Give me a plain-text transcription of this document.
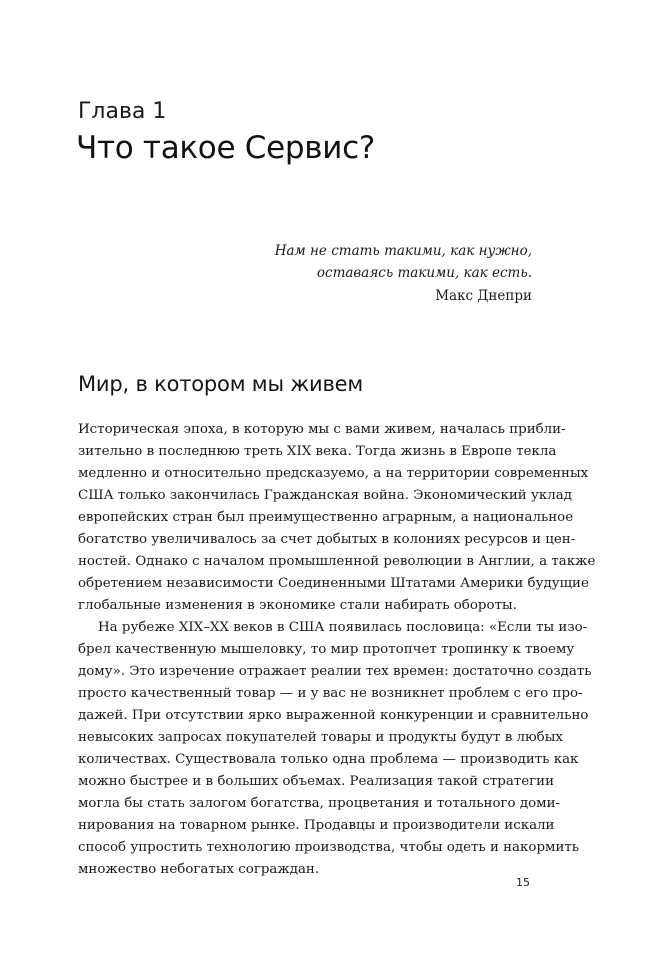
Глава 1
Что такое Сервис?
Нам не стать такими, как нужно,
оставаясь такими, как есть.
Макс Днепри
Мир, в котором мы живем
Историческая эпоха, в которую мы с вами живем, началась прибли-
зительно в последнюю треть XIX века. Тогда жизнь в Европе текла
медленно и относительно предсказуемо, а на территории современных
США только закончилась Гражданская война. Экономический уклад
европейских стран был преимущественно аграрным, а национальное
богатство увеличивалось за счет добытых в колониях ресурсов и цен-
ностей. Однако с началом промышленной революции в Англии, а также
обретением независимости Соединенными Штатами Америки будущие
глобальные изменения в экономике стали набирать обороты.
На рубеже XIX–XX веков в США появилась пословица: «Если ты изо-
брел качественную мышеловку, то мир протопчет тропинку к твоему
дому». Это изречение отражает реалии тех времен: достаточно создать
просто качественный товар — и у вас не возникнет проблем с его про-
дажей. При отсутствии ярко выраженной конкуренции и сравнительно
невысоких запросах покупателей товары и продукты будут в любых
количествах. Существовала только одна проблема — производить как
можно быстрее и в больших объемах. Реализация такой стратегии
могла бы стать залогом богатства, процветания и тотального доми-
нирования на товарном рынке. Продавцы и производители искали
способ упростить технологию производства, чтобы одеть и накормить
множество небогатых сограждан.
15
